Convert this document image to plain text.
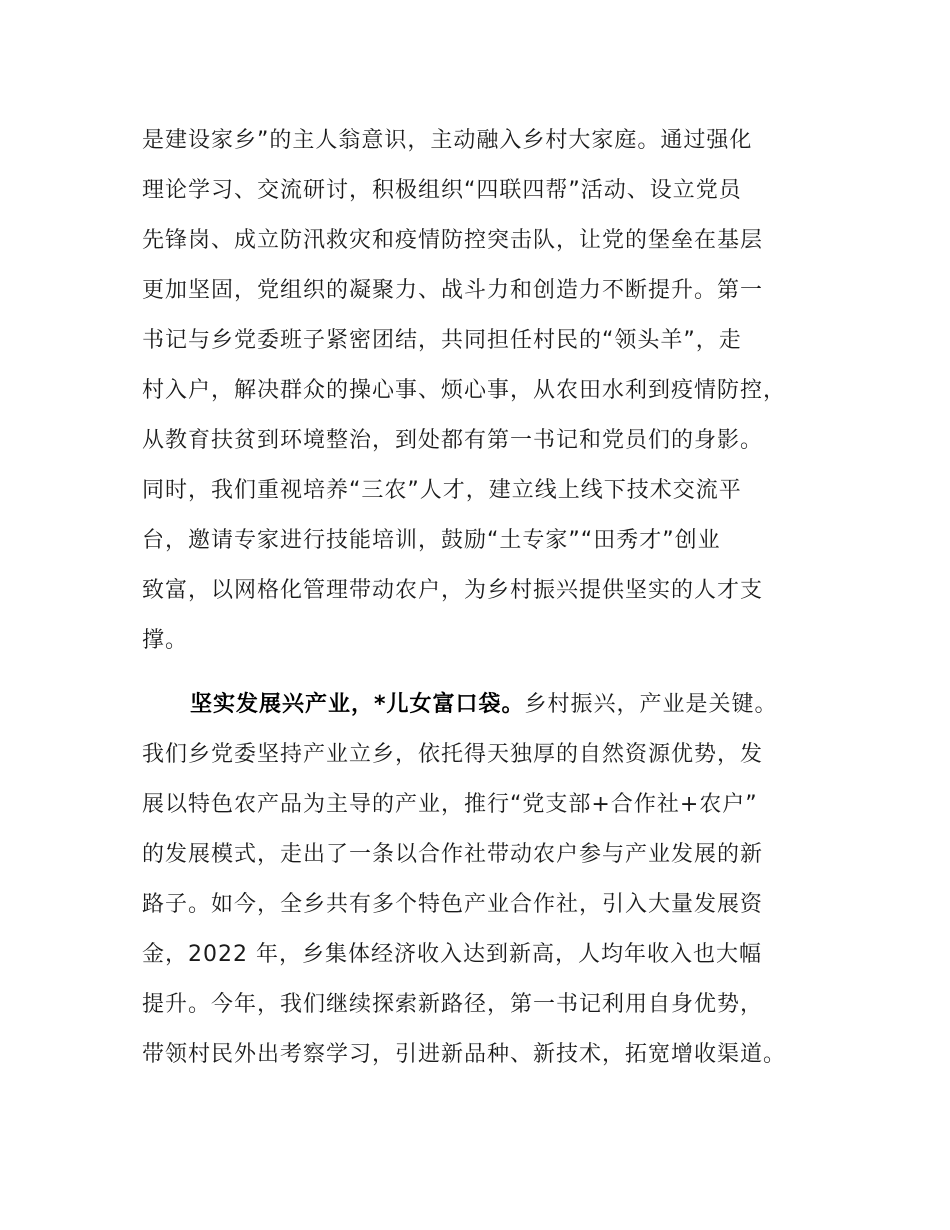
是建设家乡”的主人翁意识，主动融入乡村大家庭。通过强化
理论学习、交流研讨，积极组织“四联四帮”活动、设立党员
先锋岗、成立防汛救灾和疫情防控突击队，让党的堡垒在基层
更加坚固，党组织的凝聚力、战斗力和创造力不断提升。第一
书记与乡党委班子紧密团结，共同担任村民的“领头羊”，走
村入户，解决群众的操心事、烦心事，从农田水利到疫情防控，
从教育扶贫到环境整治，到处都有第一书记和党员们的身影。
同时，我们重视培养“三农”人才，建立线上线下技术交流平
台，邀请专家进行技能培训，鼓励“土专家”“田秀才”创业
致富，以网格化管理带动农户，为乡村振兴提供坚实的人才支
撑。
坚实发展兴产业，*儿女富口袋。乡村振兴，产业是关键。
我们乡党委坚持产业立乡，依托得天独厚的自然资源优势，发
展以特色农产品为主导的产业，推行“党支部+合作社+农户”
的发展模式，走出了一条以合作社带动农户参与产业发展的新
路子。如今，全乡共有多个特色产业合作社，引入大量发展资
金，2022 年，乡集体经济收入达到新高，人均年收入也大幅
提升。今年，我们继续探索新路径，第一书记利用自身优势，
带领村民外出考察学习，引进新品种、新技术，拓宽增收渠道。
